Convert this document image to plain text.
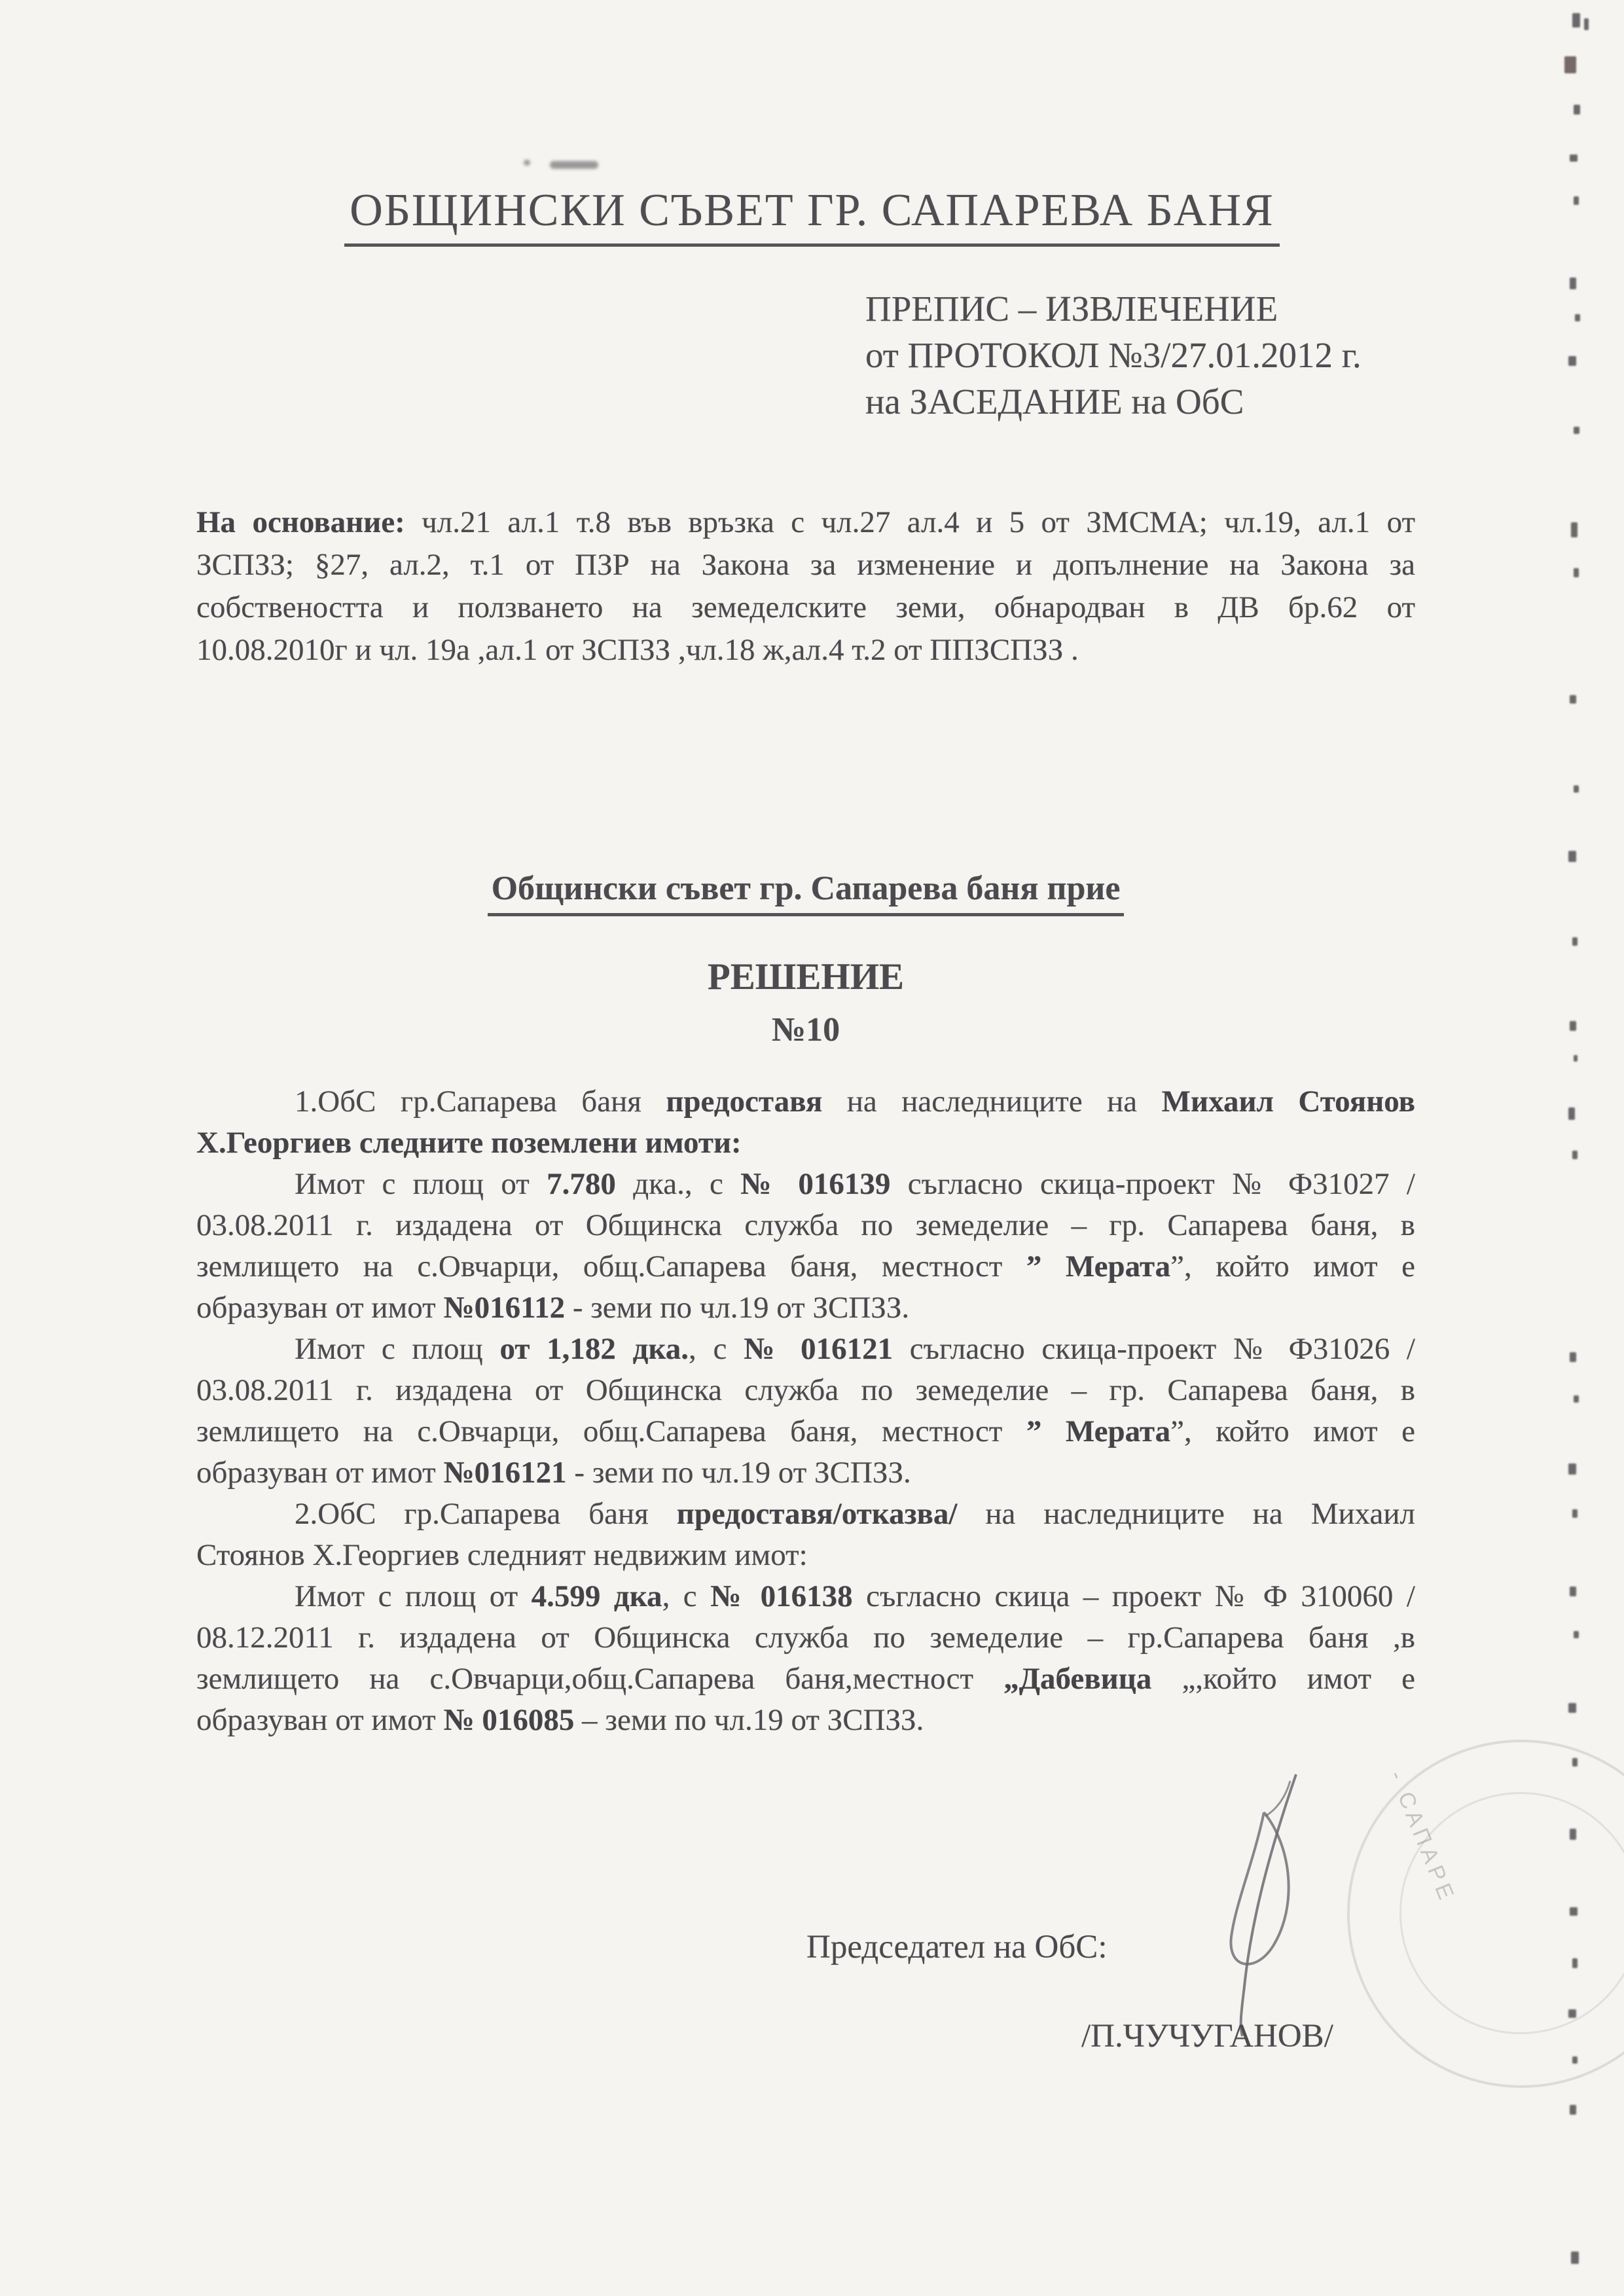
ОБЩИНСКИ СЪВЕТ ГР. САПАРЕВА БАНЯ
ПРЕПИС – ИЗВЛЕЧЕНИЕ
от ПРОТОКОЛ №3/27.01.2012 г.
на ЗАСЕДАНИЕ на ОбС
На основание: чл.21 ал.1 т.8 във връзка с чл.27 ал.4 и 5 от ЗМСМА; чл.19, ал.1 от
ЗСПЗЗ; §27, ал.2, т.1 от ПЗР на Закона за изменение и допълнение на Закона за
собствеността и ползването на земеделските земи, обнародван в ДВ бр.62 от
10.08.2010г и чл. 19а ,ал.1 от ЗСПЗЗ ,чл.18 ж,ал.4 т.2 от ППЗСПЗЗ .
Общински съвет гр. Сапарева баня прие
РЕШЕНИЕ
№10
1.ОбС гр.Сапарева баня предоставя на наследниците на Михаил Стоянов
Х.Георгиев следните поземлени имоти:
Имот с площ от 7.780 дка., с № 016139 съгласно скица-проект № Ф31027 /
03.08.2011 г. издадена от Общинска служба по земеделие – гр. Сапарева баня, в
землището на с.Овчарци, общ.Сапарева баня, местност ” Мерата”, който имот е
образуван от имот №016112 - земи по чл.19 от ЗСПЗЗ.
Имот с площ от 1,182 дка., с № 016121 съгласно скица-проект № Ф31026 /
03.08.2011 г. издадена от Общинска служба по земеделие – гр. Сапарева баня, в
землището на с.Овчарци, общ.Сапарева баня, местност ” Мерата”, който имот е
образуван от имот №016121 - земи по чл.19 от ЗСПЗЗ.
2.ОбС гр.Сапарева баня предоставя/отказва/ на наследниците на Михаил
Стоянов Х.Георгиев следният недвижим имот:
Имот с площ от 4.599 дка, с № 016138 съгласно скица – проект № Ф 310060 /
08.12.2011 г. издадена от Общинска служба по земеделие – гр.Сапарева баня ,в
землището на с.Овчарци,общ.Сапарева баня,местност „Дабевица „,който имот е
образуван от имот № 016085 – земи по чл.19 от ЗСПЗЗ.
- САПАРЕ
Председател на ОбС:
/П.ЧУЧУГАНОВ/
